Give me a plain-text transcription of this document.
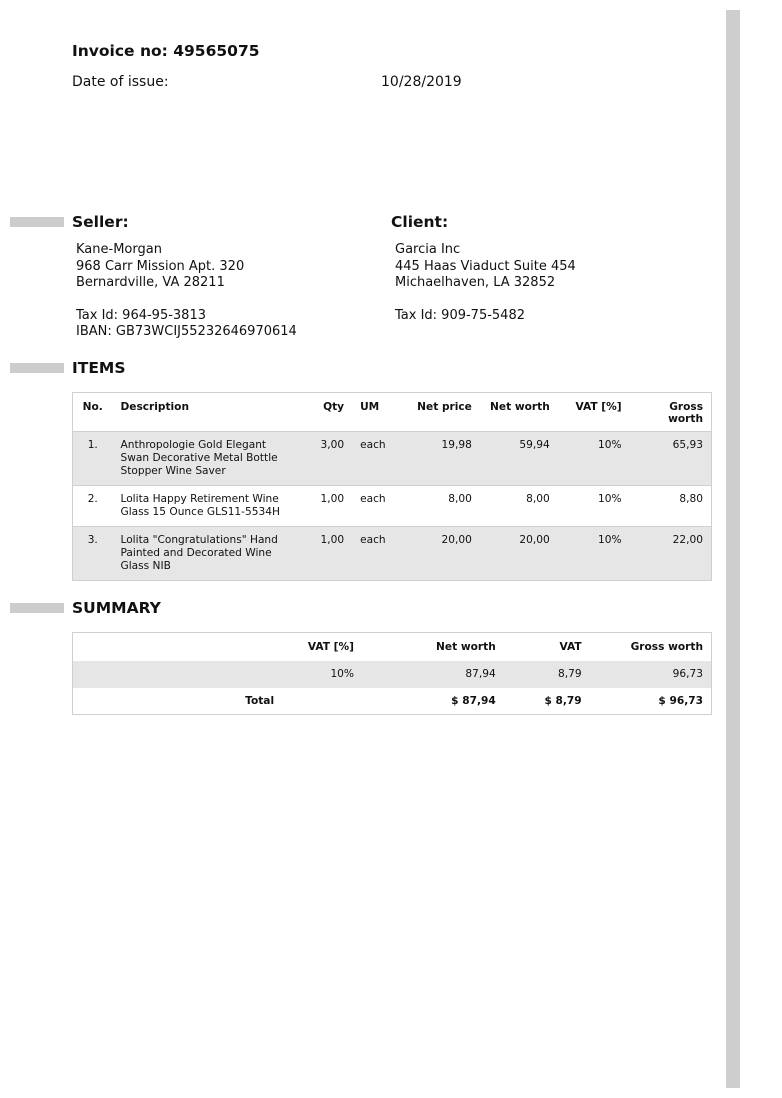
Invoice no: 49565075
Date of issue:	10/28/2019
Seller:	Client:
Kane-Morgan
968 Carr Mission Apt. 320
Bernardville, VA 28211
Tax Id: 964-95-3813
IBAN: GB73WCIJ55232646970614
Garcia Inc
445 Haas Viaduct Suite 454
Michaelhaven, LA 32852
Tax Id: 909-75-5482
ITEMS
No.	Description	Qty	UM	Net price	Net worth	VAT [%]	Gross
worth

1.	Anthropologie Gold Elegant
Swan Decorative Metal Bottle
Stopper Wine Saver	3,00	each	19,98	59,94	10%	65,93
2.	Lolita Happy Retirement Wine
Glass 15 Ounce GLS11-5534H	1,00	each	8,00	8,00	10%	8,80
3.	Lolita "Congratulations" Hand
Painted and Decorated Wine
Glass NIB	1,00	each	20,00	20,00	10%	22,00
SUMMARY
	VAT [%]	Net worth	VAT	Gross worth
	10%	87,94	8,79	96,73
Total		$ 87,94	$ 8,79	$ 96,73
